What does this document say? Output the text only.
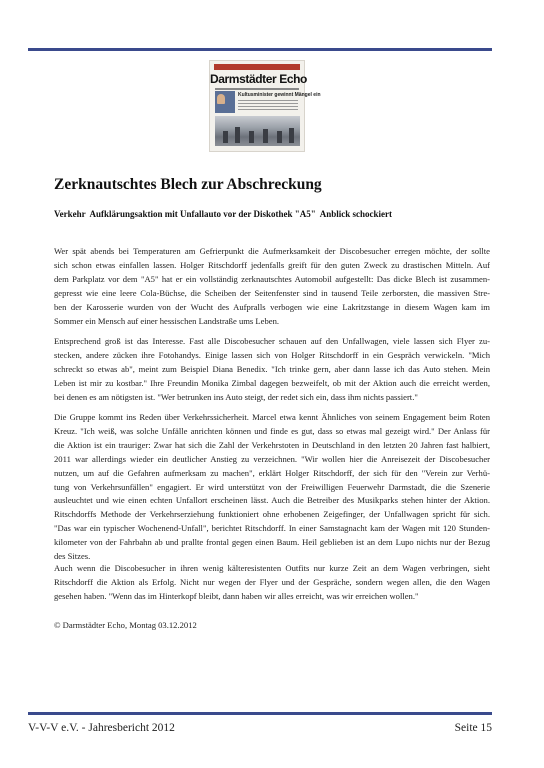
Darmstädter Echo
Kultusminister gewinnt Mängel ein
Zerknautschtes Blech zur Abschreckung
Verkehr  Aufklärungsaktion mit Unfallauto vor der Diskothek "A5"  Anblick schockiert

Wer spät abends bei Temperaturen am Gefrierpunkt die Aufmerksamkeit der Discobesucher erregen möchte, der sollte
sich schon etwas einfallen lassen. Holger Ritschdorff jedenfalls greift für den guten Zweck zu drastischen Mitteln. Auf
dem Parkplatz vor dem "A5" hat er ein vollständig zerknautschtes Automobil aufgestellt: Das dicke Blech ist zusammen-
gepresst wie eine leere Cola-Büchse, die Scheiben der Seitenfenster sind in tausend Teile zerborsten, die massiven Stre-
ben der Karosserie wurden von der Wucht des Aufpralls verbogen wie eine Lakritzstange in diesem Wagen kam im
Sommer ein Mensch auf einer hessischen Landstraße ums Leben.

Entsprechend groß ist das Interesse. Fast alle Discobesucher schauen auf den Unfallwagen, viele lassen sich Flyer zu-
stecken, andere zücken ihre Fotohandys. Einige lassen sich von Holger Ritschdorff in ein Gespräch verwickeln. "Mich
schreckt so etwas ab", meint zum Beispiel Diana Benedix. "Ich trinke gern, aber dann lasse ich das Auto stehen. Mein
Leben ist mir zu kostbar." Ihre Freundin Monika Zimbal dagegen bezweifelt, ob mit der Aktion auch die erreicht werden,
bei denen es am nötigsten ist. "Wer betrunken ins Auto steigt, der redet sich ein, dass ihm nichts passiert."

Die Gruppe kommt ins Reden über Verkehrssicherheit. Marcel etwa kennt Ähnliches von seinem Engagement beim Roten
Kreuz. "Ich weiß, was solche Unfälle anrichten können und finde es gut, dass so etwas mal gezeigt wird." Der Anlass für
die Aktion ist ein trauriger: Zwar hat sich die Zahl der Verkehrstoten in Deutschland in den letzten 20 Jahren fast halbiert,
2011 war allerdings wieder ein deutlicher Anstieg zu verzeichnen. "Wir wollen hier die Anreisezeit der Discobesucher
nutzen, um auf die Gefahren aufmerksam zu machen", erklärt Holger Ritschdorff, der sich für den "Verein zur Verhü-
tung von Verkehrsunfällen" engagiert. Er wird unterstützt von der Freiwilligen Feuerwehr Darmstadt, die die Szenerie
ausleuchtet und wie einen echten Unfallort erscheinen lässt. Auch die Betreiber des Musikparks stehen hinter der Aktion.
Ritschdorffs Methode der Verkehrserziehung funktioniert ohne erhobenen Zeigefinger, der Unfallwagen spricht für sich.
"Das war ein typischer Wochenend-Unfall", berichtet Ritschdorff. In einer Samstagnacht kam der Wagen mit 120 Stunden-
kilometer von der Fahrbahn ab und prallte frontal gegen einen Baum. Heil geblieben ist an dem Lupo nichts nur der Bezug
des Sitzes.

Auch wenn die Discobesucher in ihren wenig kälteresistenten Outfits nur kurze Zeit an dem Wagen verbringen, sieht
Ritschdorff die Aktion als Erfolg. Nicht nur wegen der Flyer und der Gespräche, sondern wegen allen, die den Wagen
gesehen haben. "Wenn das im Hinterkopf bleibt, dann haben wir alles erreicht, was wir erreichen wollen."

© Darmstädter Echo, Montag 03.12.2012
V-V-V e.V. - Jahresbericht 2012	Seite 15
